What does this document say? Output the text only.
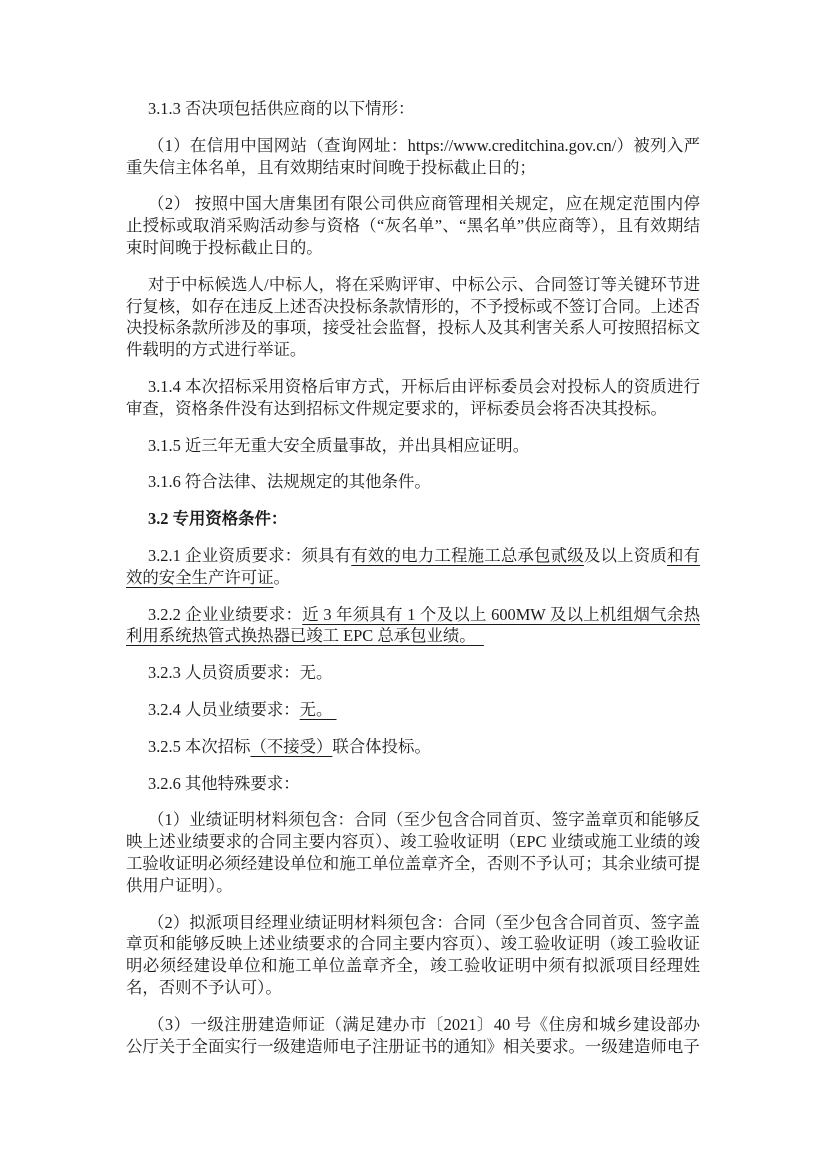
3.1.3 否决项包括供应商的以下情形：

（1）在信用中国网站（查询网址：https://www.creditchina.gov.cn/）被列入严重失信主体名单，且有效期结束时间晚于投标截止日的；

（2） 按照中国大唐集团有限公司供应商管理相关规定，应在规定范围内停止授标或取消采购活动参与资格（“灰名单”、“黑名单”供应商等），且有效期结束时间晚于投标截止日的。

对于中标候选人/中标人，将在采购评审、中标公示、合同签订等关键环节进行复核，如存在违反上述否决投标条款情形的，不予授标或不签订合同。上述否决投标条款所涉及的事项，接受社会监督，投标人及其利害关系人可按照招标文件载明的方式进行举证。

3.1.4 本次招标采用资格后审方式，开标后由评标委员会对投标人的资质进行审查，资格条件没有达到招标文件规定要求的，评标委员会将否决其投标。

3.1.5 近三年无重大安全质量事故，并出具相应证明。

3.1.6 符合法律、法规规定的其他条件。

3.2 专用资格条件：

3.2.1 企业资质要求：须具有有效的电力工程施工总承包贰级及以上资质和有效的安全生产许可证。

3.2.2 企业业绩要求：近 3 年须具有 1 个及以上 600MW 及以上机组烟气余热利用系统热管式换热器已竣工 EPC 总承包业绩。

3.2.3 人员资质要求：无。

3.2.4 人员业绩要求：无。

3.2.5 本次招标（不接受）联合体投标。

3.2.6 其他特殊要求：

（1）业绩证明材料须包含：合同（至少包含合同首页、签字盖章页和能够反映上述业绩要求的合同主要内容页）、竣工验收证明（EPC 业绩或施工业绩的竣工验收证明必须经建设单位和施工单位盖章齐全，否则不予认可；其余业绩可提供用户证明）。

（2）拟派项目经理业绩证明材料须包含：合同（至少包含合同首页、签字盖章页和能够反映上述业绩要求的合同主要内容页）、竣工验收证明（竣工验收证明必须经建设单位和施工单位盖章齐全，竣工验收证明中须有拟派项目经理姓名，否则不予认可）。

（3）一级注册建造师证（满足建办市〔2021〕40 号《住房和城乡建设部办公厅关于全面实行一级建造师电子注册证书的通知》相关要求。一级建造师电子
